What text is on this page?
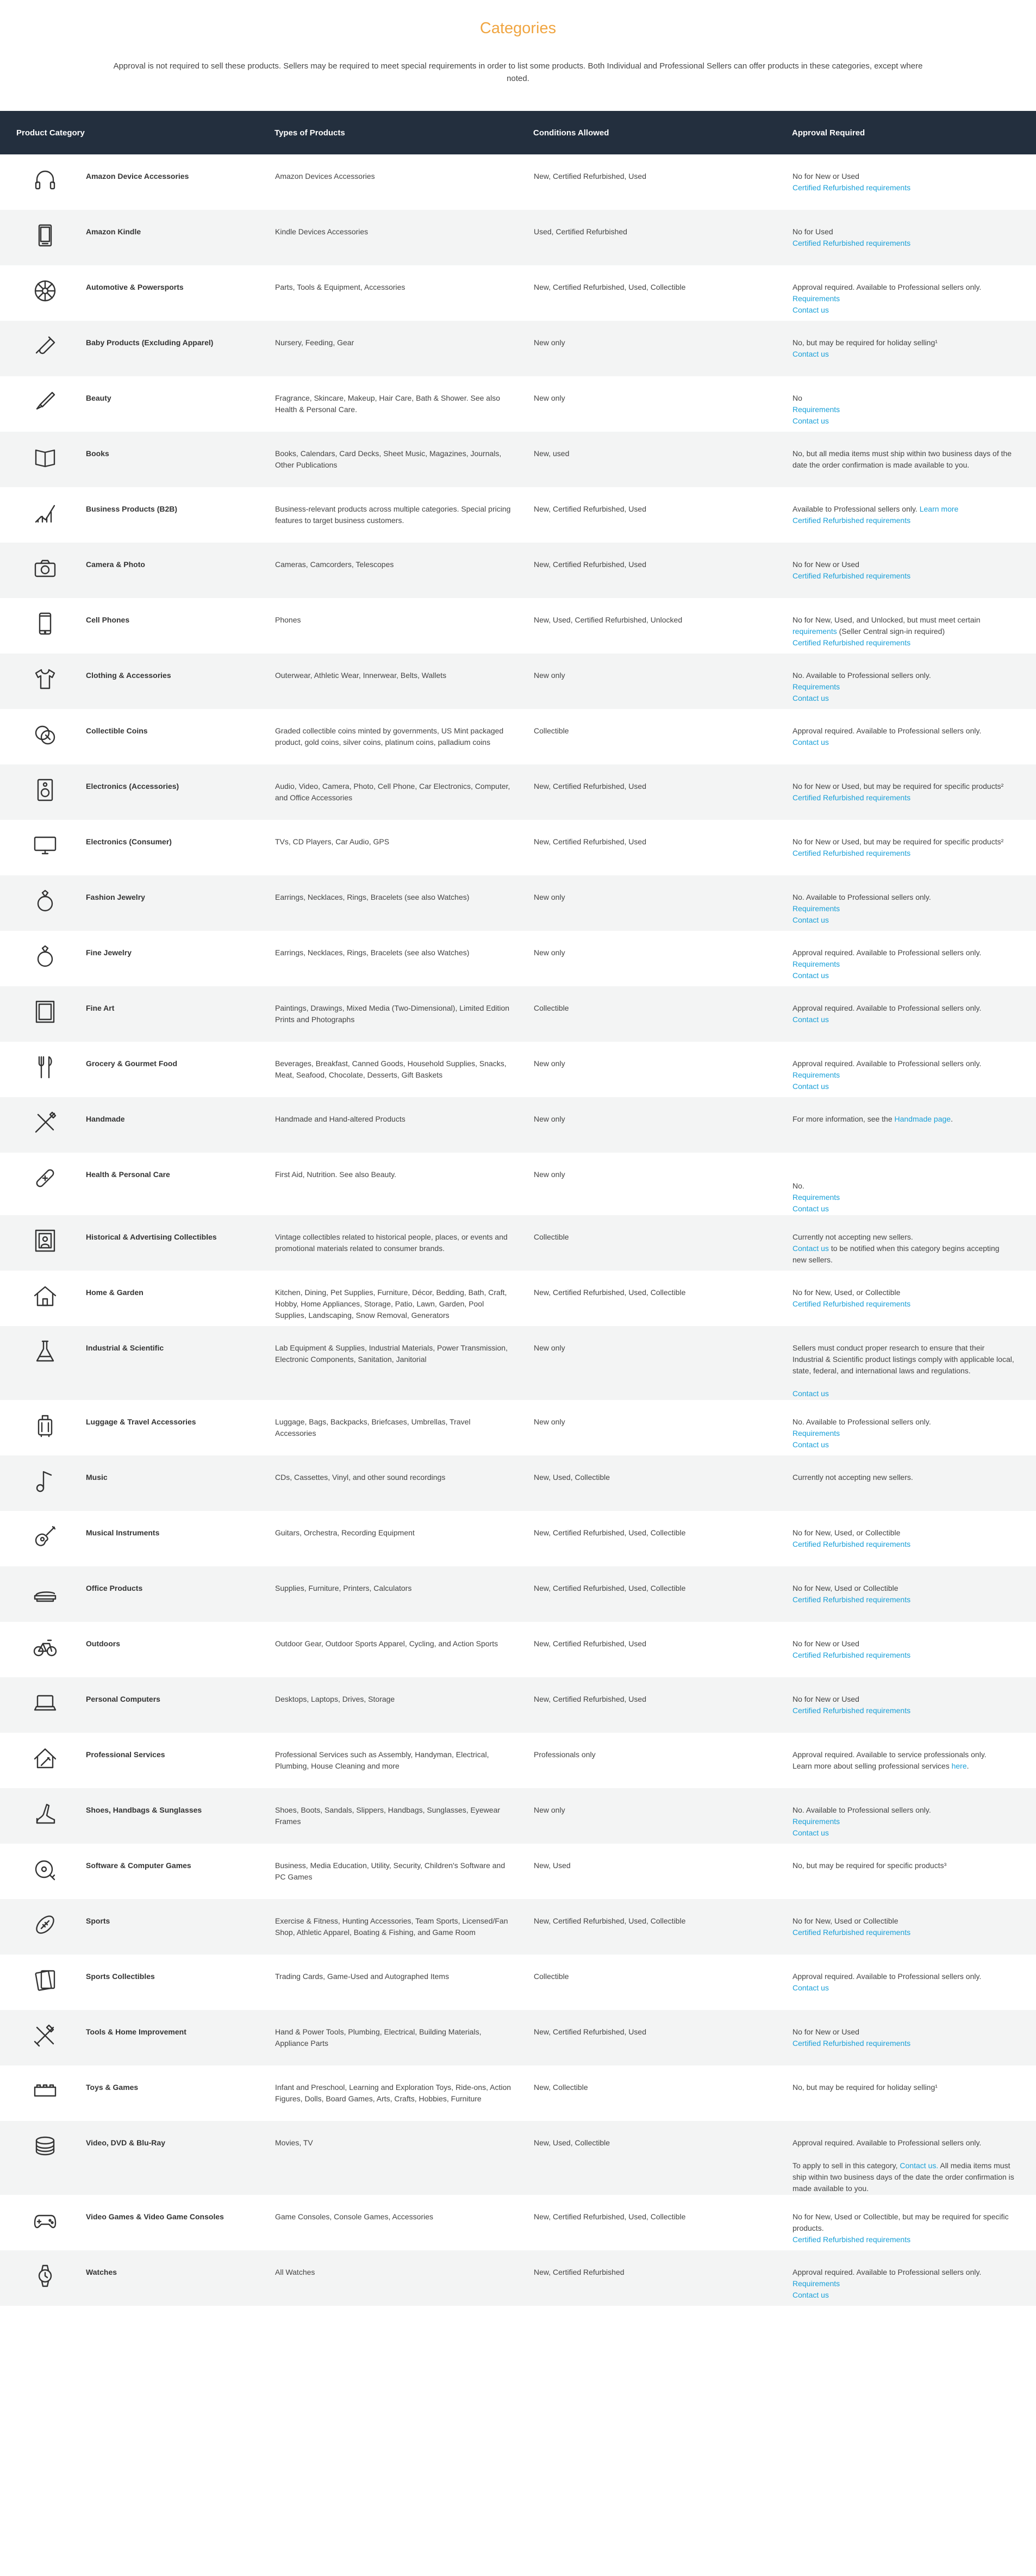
Categories
Approval is not required to sell these products. Sellers may be required to meet special requirements in order to list some products. Both Individual and Professional Sellers can offer products in these categories, except where noted.
Product Category	Types of Products	Conditions Allowed	Approval Required

Amazon Device Accessories	Amazon Devices Accessories	New, Certified Refurbished, Used	No for New or Used
Certified Refurbished requirements

Amazon Kindle	Kindle Devices Accessories	Used, Certified Refurbished	No for Used
Certified Refurbished requirements

Automotive & Powersports	Parts, Tools & Equipment, Accessories	New, Certified Refurbished, Used, Collectible	Approval required. Available to Professional sellers only.
Requirements
Contact us

Baby Products (Excluding Apparel)	Nursery, Feeding, Gear	New only	No, but may be required for holiday selling¹
Contact us

Beauty	Fragrance, Skincare, Makeup, Hair Care, Bath & Shower. See also Health & Personal Care.	New only	No
Requirements
Contact us

Books	Books, Calendars, Card Decks, Sheet Music, Magazines, Journals, Other Publications	New, used	No, but all media items must ship within two business days of the date the order confirmation is made available to you.

Business Products (B2B)	Business-relevant products across multiple categories. Special pricing features to target business customers.	New, Certified Refurbished, Used	Available to Professional sellers only. Learn more
Certified Refurbished requirements

Camera & Photo	Cameras, Camcorders, Telescopes	New, Certified Refurbished, Used	No for New or Used
Certified Refurbished requirements

Cell Phones	Phones	New, Used, Certified Refurbished, Unlocked	No for New, Used, and Unlocked, but must meet certain
requirements (Seller Central sign-in required)
Certified Refurbished requirements

Clothing & Accessories	Outerwear, Athletic Wear, Innerwear, Belts, Wallets	New only	No. Available to Professional sellers only.
Requirements
Contact us

Collectible Coins	Graded collectible coins minted by governments, US Mint packaged product, gold coins, silver coins, platinum coins, palladium coins	Collectible	Approval required. Available to Professional sellers only.
Contact us

Electronics (Accessories)	Audio, Video, Camera, Photo, Cell Phone, Car Electronics, Computer, and Office Accessories	New, Certified Refurbished, Used	No for New or Used, but may be required for specific products²
Certified Refurbished requirements

Electronics (Consumer)	TVs, CD Players, Car Audio, GPS	New, Certified Refurbished, Used	No for New or Used, but may be required for specific products²
Certified Refurbished requirements

Fashion Jewelry	Earrings, Necklaces, Rings, Bracelets (see also Watches)	New only	No. Available to Professional sellers only.
Requirements
Contact us

Fine Jewelry	Earrings, Necklaces, Rings, Bracelets (see also Watches)	New only	Approval required. Available to Professional sellers only.
Requirements
Contact us

Fine Art	Paintings, Drawings, Mixed Media (Two-Dimensional), Limited Edition Prints and Photographs	Collectible	Approval required. Available to Professional sellers only.
Contact us

Grocery & Gourmet Food	Beverages, Breakfast, Canned Goods, Household Supplies, Snacks, Meat, Seafood, Chocolate, Desserts, Gift Baskets	New only	Approval required. Available to Professional sellers only.
Requirements
Contact us

Handmade	Handmade and Hand-altered Products	New only	For more information, see the Handmade page.

Health & Personal Care	First Aid, Nutrition. See also Beauty.	New only	No.
Requirements
Contact us

Historical & Advertising Collectibles	Vintage collectibles related to historical people, places, or events and promotional materials related to consumer brands.	Collectible	Currently not accepting new sellers.
Contact us to be notified when this category begins accepting new sellers.

Home & Garden	Kitchen, Dining, Pet Supplies, Furniture, Décor, Bedding, Bath, Craft, Hobby, Home Appliances, Storage, Patio, Lawn, Garden, Pool Supplies, Landscaping, Snow Removal, Generators	New, Certified Refurbished, Used, Collectible	No for New, Used, or Collectible
Certified Refurbished requirements

Industrial & Scientific	Lab Equipment & Supplies, Industrial Materials, Power Transmission, Electronic Components, Sanitation, Janitorial	New only	Sellers must conduct proper research to ensure that their Industrial & Scientific product listings comply with applicable local, state, federal, and international laws and regulations.

Contact us

Luggage & Travel Accessories	Luggage, Bags, Backpacks, Briefcases, Umbrellas, Travel Accessories	New only	No. Available to Professional sellers only.
Requirements
Contact us

Music	CDs, Cassettes, Vinyl, and other sound recordings	New, Used, Collectible	Currently not accepting new sellers.

Musical Instruments	Guitars, Orchestra, Recording Equipment	New, Certified Refurbished, Used, Collectible	No for New, Used, or Collectible
Certified Refurbished requirements

Office Products	Supplies, Furniture, Printers, Calculators	New, Certified Refurbished, Used, Collectible	No for New, Used or Collectible
Certified Refurbished requirements

Outdoors	Outdoor Gear, Outdoor Sports Apparel, Cycling, and Action Sports	New, Certified Refurbished, Used	No for New or Used
Certified Refurbished requirements

Personal Computers	Desktops, Laptops, Drives, Storage	New, Certified Refurbished, Used	No for New or Used
Certified Refurbished requirements

Professional Services	Professional Services such as Assembly, Handyman, Electrical, Plumbing, House Cleaning and more	Professionals only	Approval required. Available to service professionals only.
Learn more about selling professional services here.

Shoes, Handbags & Sunglasses	Shoes, Boots, Sandals, Slippers, Handbags, Sunglasses, Eyewear Frames	New only	No. Available to Professional sellers only.
Requirements
Contact us

Software & Computer Games	Business, Media Education, Utility, Security, Children's Software and PC Games	New, Used	No, but may be required for specific products³

Sports	Exercise & Fitness, Hunting Accessories, Team Sports, Licensed/Fan Shop, Athletic Apparel, Boating & Fishing, and Game Room	New, Certified Refurbished, Used, Collectible	No for New, Used or Collectible
Certified Refurbished requirements

Sports Collectibles	Trading Cards, Game-Used and Autographed Items	Collectible	Approval required. Available to Professional sellers only.
Contact us

Tools & Home Improvement	Hand & Power Tools, Plumbing, Electrical, Building Materials, Appliance Parts	New, Certified Refurbished, Used	No for New or Used
Certified Refurbished requirements

Toys & Games	Infant and Preschool, Learning and Exploration Toys, Ride-ons, Action Figures, Dolls, Board Games, Arts, Crafts, Hobbies, Furniture	New, Collectible	No, but may be required for holiday selling¹

Video, DVD & Blu-Ray	Movies, TV	New, Used, Collectible	Approval required. Available to Professional sellers only.

To apply to sell in this category, Contact us. All media items must ship within two business days of the date the order confirmation is made available to you.

Video Games & Video Game Consoles	Game Consoles, Console Games, Accessories	New, Certified Refurbished, Used, Collectible	No for New, Used or Collectible, but may be required for specific products.
Certified Refurbished requirements

Watches	All Watches	New, Certified Refurbished	Approval required. Available to Professional sellers only.
Requirements
Contact us
